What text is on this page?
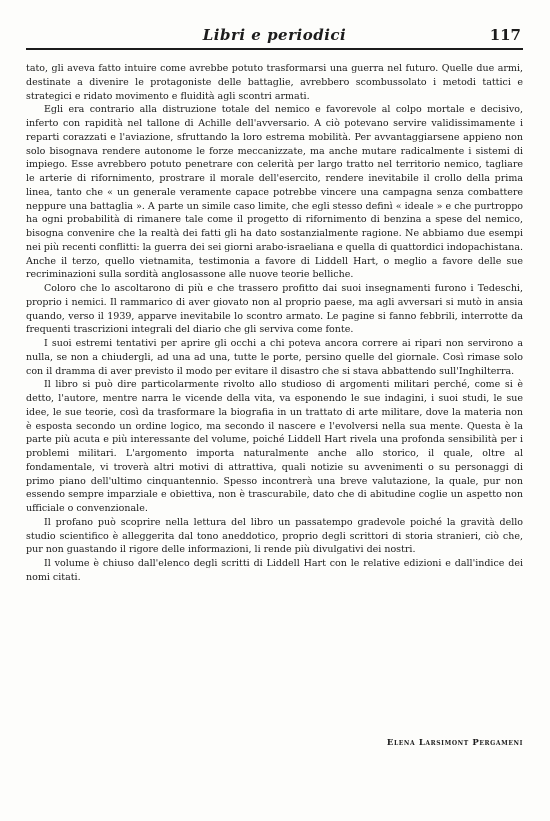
Libri e periodici	117

tato, gli aveva fatto intuire come avrebbe potuto trasformarsi una guerra nel futuro. Quelle due armi, destinate a divenire le protagoniste delle battaglie, avrebbero scombussolato i metodi tattici e strategici e ridato movimento e fluidità agli scontri armati.

Egli era contrario alla distruzione totale del nemico e favorevole al colpo mortale e decisivo, inferto con rapidità nel tallone di Achille dell'avversario. A ciò potevano servire validissimamente i reparti corazzati e l'aviazione, sfruttando la loro estrema mobilità. Per avvantaggiarsene appieno non solo bisognava rendere autonome le forze meccanizzate, ma anche mutare radicalmente i sistemi di impiego. Esse avrebbero potuto penetrare con celerità per largo tratto nel territorio nemico, tagliare le arterie di rifornimento, prostrare il morale dell'esercito, rendere inevitabile il crollo della prima linea, tanto che « un generale veramente capace potrebbe vincere una campagna senza combattere neppure una battaglia ». A parte un simile caso limite, che egli stesso definì « ideale » e che purtroppo ha ogni probabilità di rimanere tale come il progetto di rifornimento di benzina a spese del nemico, bisogna convenire che la realtà dei fatti gli ha dato sostanzialmente ragione. Ne abbiamo due esempi nei più recenti conflitti: la guerra dei sei giorni arabo-israeliana e quella di quattordici indopachistana. Anche il terzo, quello vietnamita, testimonia a favore di Liddell Hart, o meglio a favore delle sue recriminazioni sulla sordità anglosassone alle nuove teorie belliche.

Coloro che lo ascoltarono di più e che trassero profitto dai suoi insegnamenti furono i Tedeschi, proprio i nemici. Il rammarico di aver giovato non al proprio paese, ma agli avversari si mutò in ansia quando, verso il 1939, apparve inevitabile lo scontro armato. Le pagine si fanno febbrili, interrotte da frequenti trascrizioni integrali del diario che gli serviva come fonte.

I suoi estremi tentativi per aprire gli occhi a chi poteva ancora correre ai ripari non servirono a nulla, se non a chiudergli, ad una ad una, tutte le porte, persino quelle del giornale. Così rimase solo con il dramma di aver previsto il modo per evitare il disastro che si stava abbattendo sull'Inghilterra.

Il libro si può dire particolarmente rivolto allo studioso di argomenti militari perché, come si è detto, l'autore, mentre narra le vicende della vita, va esponendo le sue indagini, i suoi studi, le sue idee, le sue teorie, così da trasformare la biografia in un trattato di arte militare, dove la materia non è esposta secondo un ordine logico, ma secondo il nascere e l'evolversi nella sua mente. Questa è la parte più acuta e più interessante del volume, poiché Liddell Hart rivela una profonda sensibilità per i problemi militari. L'argomento importa naturalmente anche allo storico, il quale, oltre al fondamentale, vi troverà altri motivi di attrattiva, quali notizie su avvenimenti o su personaggi di primo piano dell'ultimo cinquantennio. Spesso incontrerà una breve valutazione, la quale, pur non essendo sempre imparziale e obiettiva, non è trascurabile, dato che di abitudine coglie un aspetto non ufficiale o convenzionale.

Il profano può scoprire nella lettura del libro un passatempo gradevole poiché la gravità dello studio scientifico è alleggerita dal tono aneddotico, proprio degli scrittori di storia stranieri, ciò che, pur non guastando il rigore delle informazioni, li rende più divulgativi dei nostri.

Il volume è chiuso dall'elenco degli scritti di Liddell Hart con le relative edizioni e dall'indice dei nomi citati.

Elena Larsimont Pergameni
